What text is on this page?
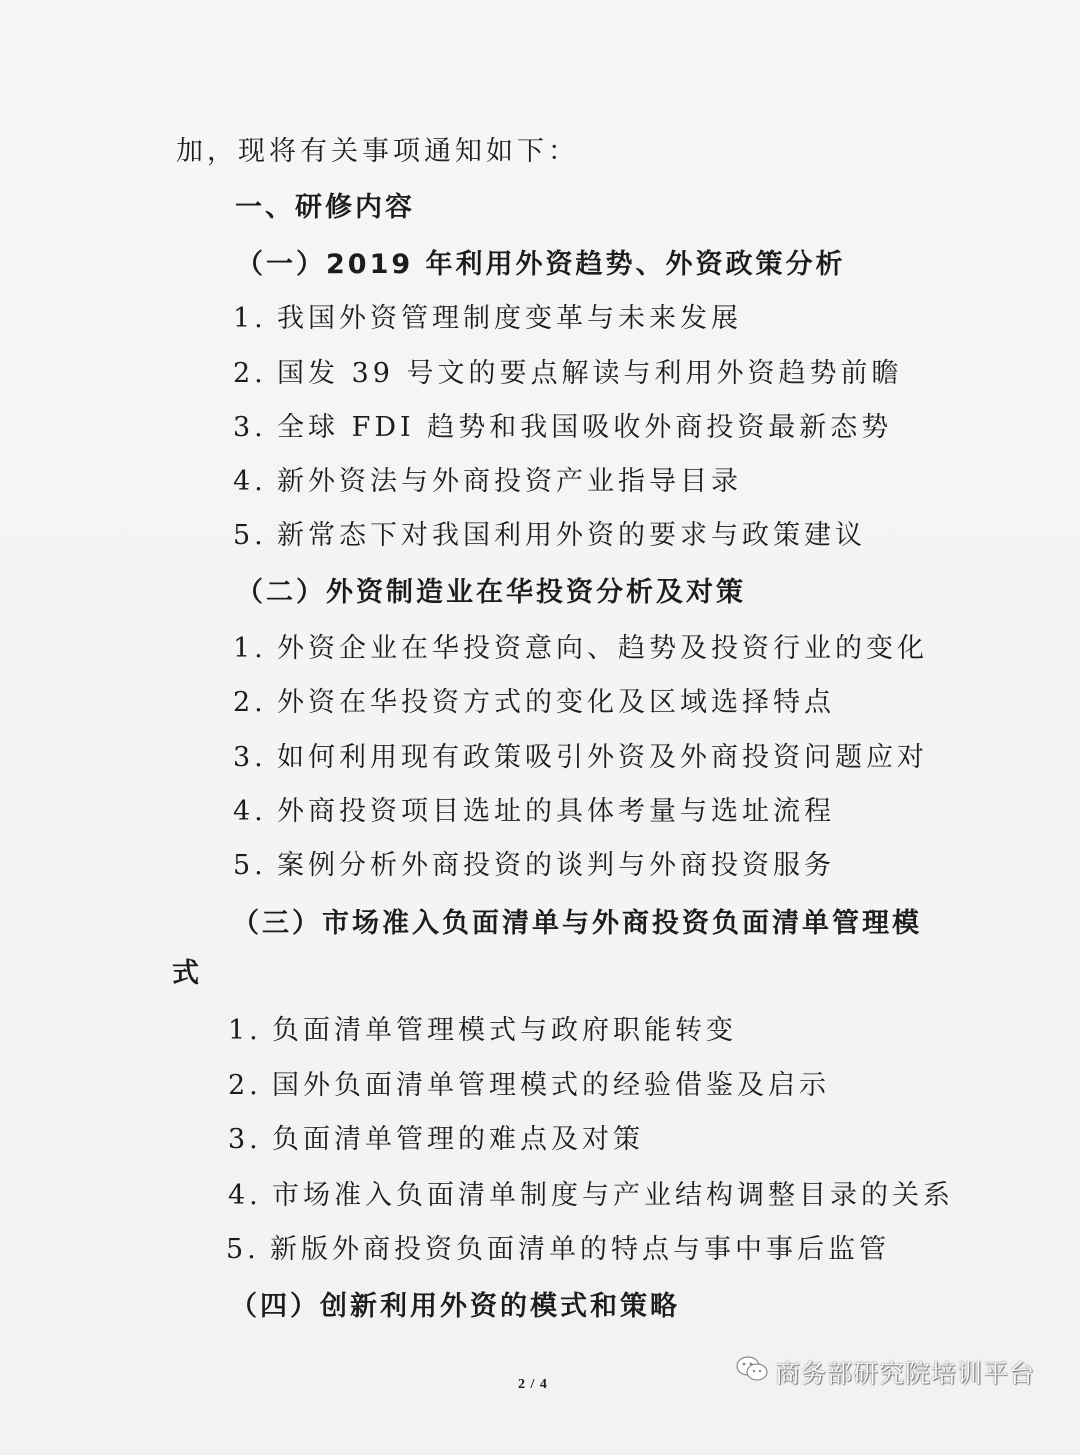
加，现将有关事项通知如下：
一、研修内容
（一）2019 年利用外资趋势、外资政策分析
1. 我国外资管理制度变革与未来发展
2. 国发 39 号文的要点解读与利用外资趋势前瞻
3. 全球 FDI 趋势和我国吸收外商投资最新态势
4. 新外资法与外商投资产业指导目录
5. 新常态下对我国利用外资的要求与政策建议
（二）外资制造业在华投资分析及对策
1. 外资企业在华投资意向、趋势及投资行业的变化
2. 外资在华投资方式的变化及区域选择特点
3. 如何利用现有政策吸引外资及外商投资问题应对
4. 外商投资项目选址的具体考量与选址流程
5. 案例分析外商投资的谈判与外商投资服务
（三）市场准入负面清单与外商投资负面清单管理模
式
1. 负面清单管理模式与政府职能转变
2. 国外负面清单管理模式的经验借鉴及启示
3. 负面清单管理的难点及对策
4. 市场准入负面清单制度与产业结构调整目录的关系
5. 新版外商投资负面清单的特点与事中事后监管
（四）创新利用外资的模式和策略
2 / 4	商务部研究院培训平台
